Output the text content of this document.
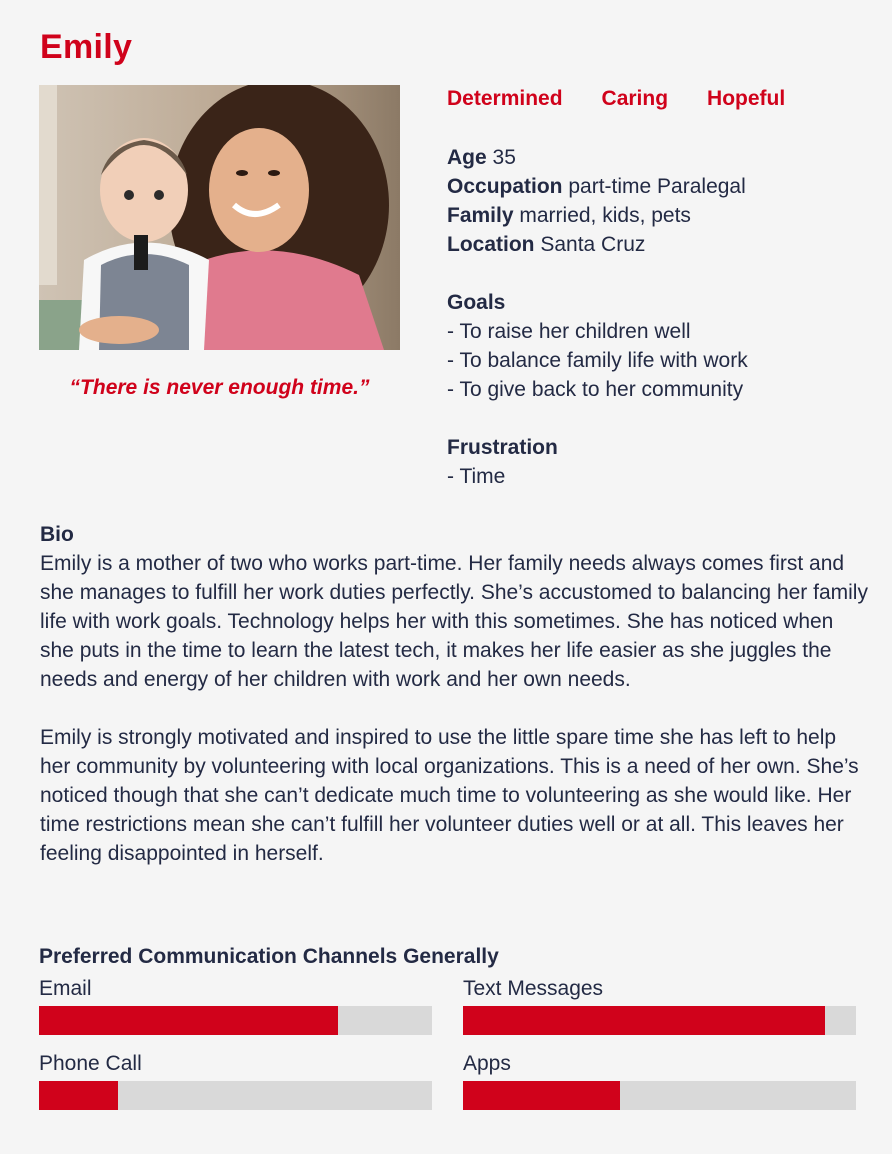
Emily
“There is never enough time.”
Determined Caring Hopeful
Age 35
Occupation part-time Paralegal
Family married, kids, pets
Location Santa Cruz
Goals
- To raise her children well
- To balance family life with work
- To give back to her community
Frustration
- Time
Bio

Emily is a mother of two who works part-time. Her family needs always comes first and she manages to fulfill her work duties perfectly. She’s accustomed to balancing her family life with work goals. Technology helps her with this sometimes. She has noticed when she puts in the time to learn the latest tech, it makes her life easier as she juggles the needs and energy of her children with work and her own needs.

Emily is strongly motivated and inspired to use the little spare time she has left to help her community by volunteering with local organizations. This is a need of her own. She’s noticed though that she can’t dedicate much time to volunteering as she would like. Her time restrictions mean she can’t fulfill her volunteer duties well or at all. This leaves her feeling disappointed in herself.

Preferred Communication Channels Generally
Email	Text Messages
Phone Call	Apps
